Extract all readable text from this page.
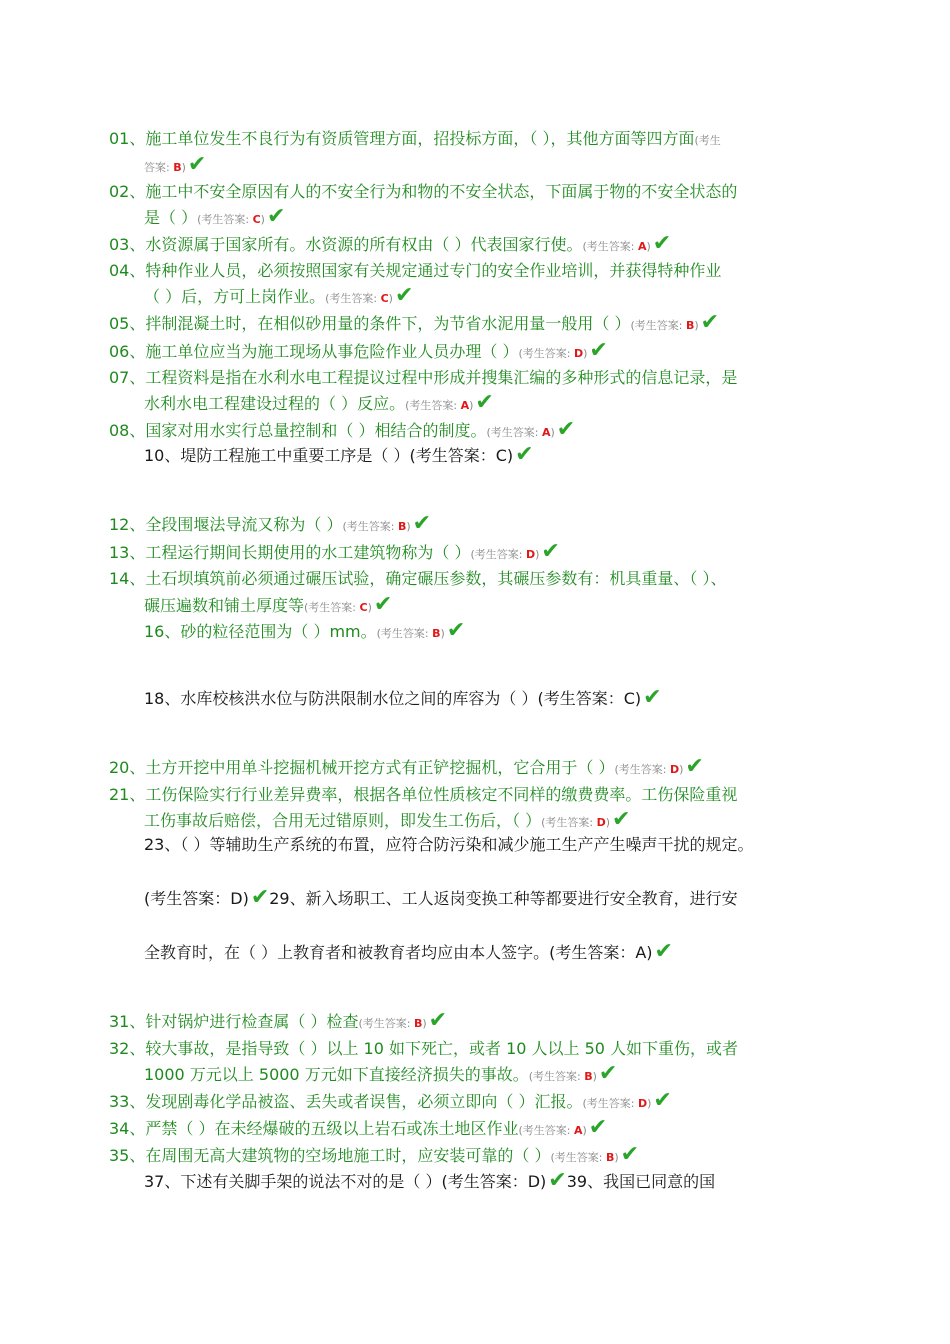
01、施工单位发生不良行为有资质管理方面，招投标方面，（ ），其他方面等四方面(考生
答案: B)✔
02、施工中不安全原因有人的不安全行为和物的不安全状态，下面属于物的不安全状态的
是（ ）(考生答案: C)✔
03、水资源属于国家所有。水资源的所有权由（ ）代表国家行使。(考生答案: A)✔
04、特种作业人员，必须按照国家有关规定通过专门的安全作业培训，并获得特种作业
（ ）后，方可上岗作业。(考生答案: C)✔
05、拌制混凝土时，在相似砂用量的条件下，为节省水泥用量一般用（ ）(考生答案: B)✔
06、施工单位应当为施工现场从事危险作业人员办理（ ）(考生答案: D)✔
07、工程资料是指在水利水电工程提议过程中形成并搜集汇编的多种形式的信息记录，是
水利水电工程建设过程的（ ）反应。(考生答案: A)✔
08、国家对用水实行总量控制和（ ）相结合的制度。(考生答案: A)✔
10、堤防工程施工中重要工序是（ ）(考生答案：C)✔
12、全段围堰法导流又称为（ ）(考生答案: B)✔
13、工程运行期间长期使用的水工建筑物称为（ ）(考生答案: D)✔
14、土石坝填筑前必须通过碾压试验，确定碾压参数，其碾压参数有：机具重量、（ ）、
碾压遍数和铺土厚度等(考生答案: C)✔
16、砂的粒径范围为（ ）mm。(考生答案: B)✔
18、水库校核洪水位与防洪限制水位之间的库容为（ ）(考生答案：C)✔
20、土方开挖中用单斗挖掘机械开挖方式有正铲挖掘机，它合用于（ ）(考生答案: D)✔
21、工伤保险实行行业差异费率，根据各单位性质核定不同样的缴费费率。工伤保险重视
工伤事故后赔偿，合用无过错原则，即发生工伤后，（ ）(考生答案: D)✔
23、（ ）等辅助生产系统的布置，应符合防污染和减少施工生产产生噪声干扰的规定。
(考生答案：D)✔29、新入场职工、工人返岗变换工种等都要进行安全教育，进行安
全教育时，在（ ）上教育者和被教育者均应由本人签字。(考生答案：A)✔
31、针对锅炉进行检查属（ ）检查(考生答案: B)✔
32、较大事故，是指导致（ ）以上 10 如下死亡，或者 10 人以上 50 人如下重伤，或者
1000 万元以上 5000 万元如下直接经济损失的事故。(考生答案: B)✔
33、发现剧毒化学品被盗、丢失或者误售，必须立即向（ ）汇报。(考生答案: D)✔
34、严禁（ ）在未经爆破的五级以上岩石或冻土地区作业(考生答案: A)✔
35、在周围无高大建筑物的空场地施工时，应安装可靠的（ ）(考生答案: B)✔
37、下述有关脚手架的说法不对的是（ ）(考生答案：D)✔39、我国已同意的国
